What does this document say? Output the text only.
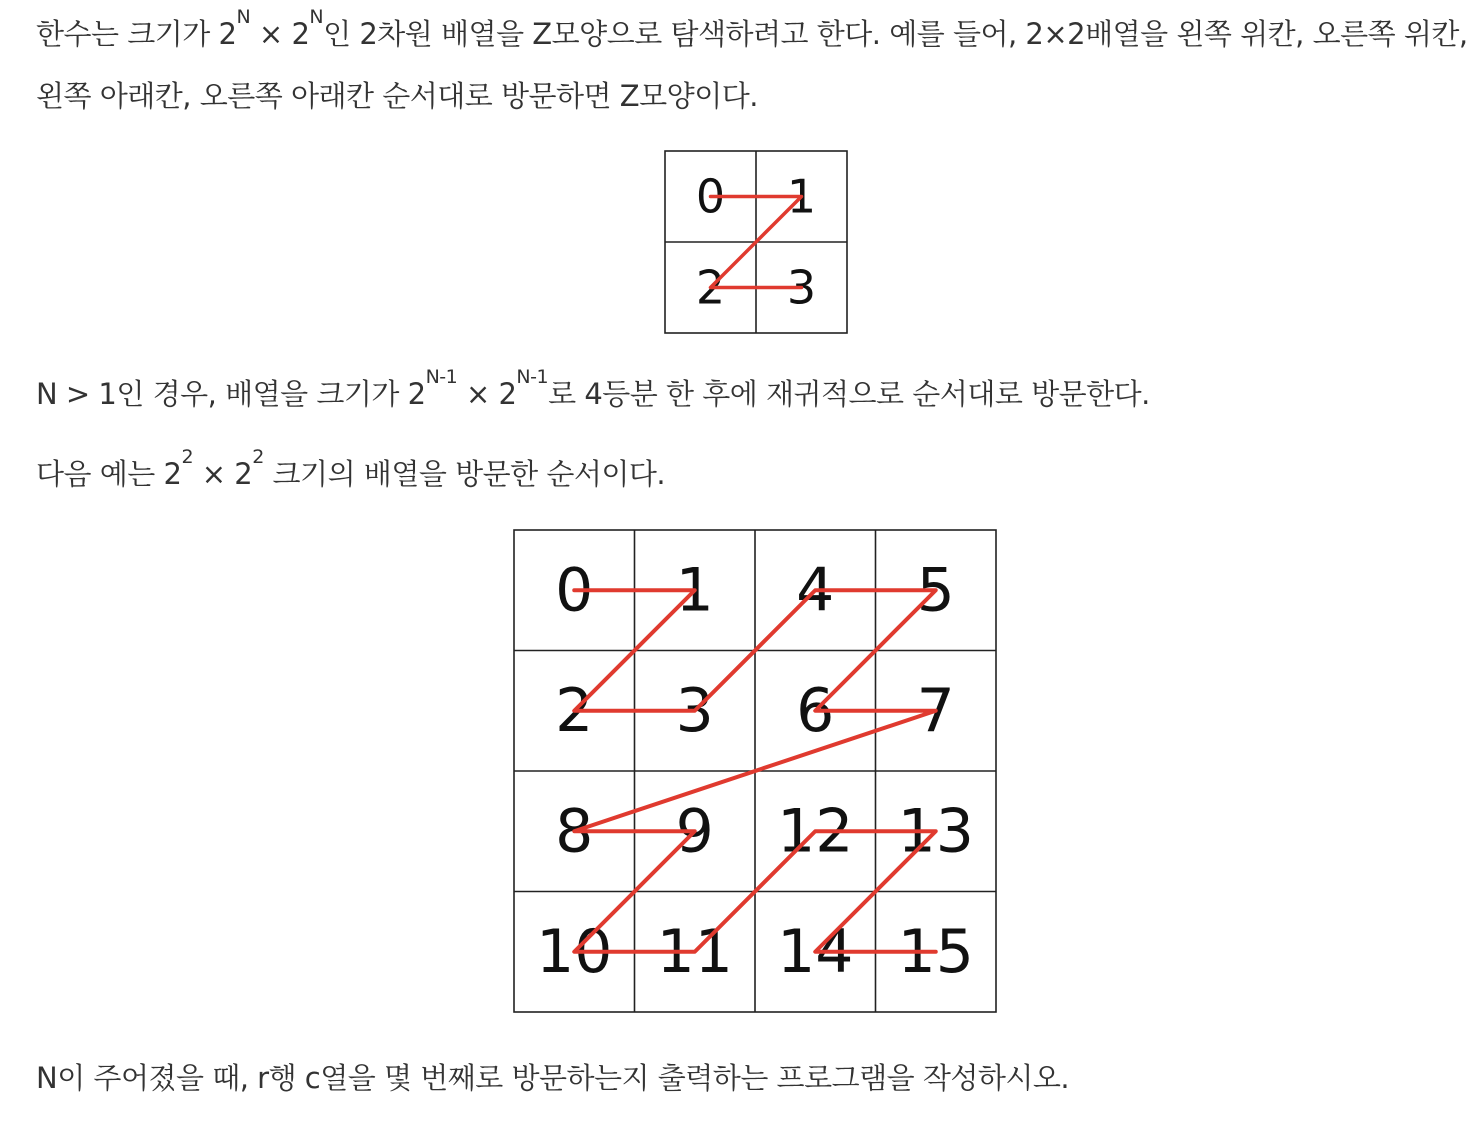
한수는 크기가 $2^N \times 2^N$인 2차원 배열을 Z모양으로 탐색하려고 한다. 예를 들어, 2×2배열을 왼쪽 위칸, 오른쪽 위칸,

왼쪽 아래칸, 오른쪽 아래칸 순서대로 방문하면 Z모양이다.

0 1
2 3

N > 1인 경우, 배열을 크기가 $2^{N-1} \times 2^{N-1}$로 4등분 한 후에 재귀적으로 순서대로 방문한다.

다음 예는 $2^2 \times 2^2$ 크기의 배열을 방문한 순서이다.

0 1 4 5
2 3 6 7
8 9 12 13
10 11 14 15

N이 주어졌을 때, r행 c열을 몇 번째로 방문하는지 출력하는 프로그램을 작성하시오.
